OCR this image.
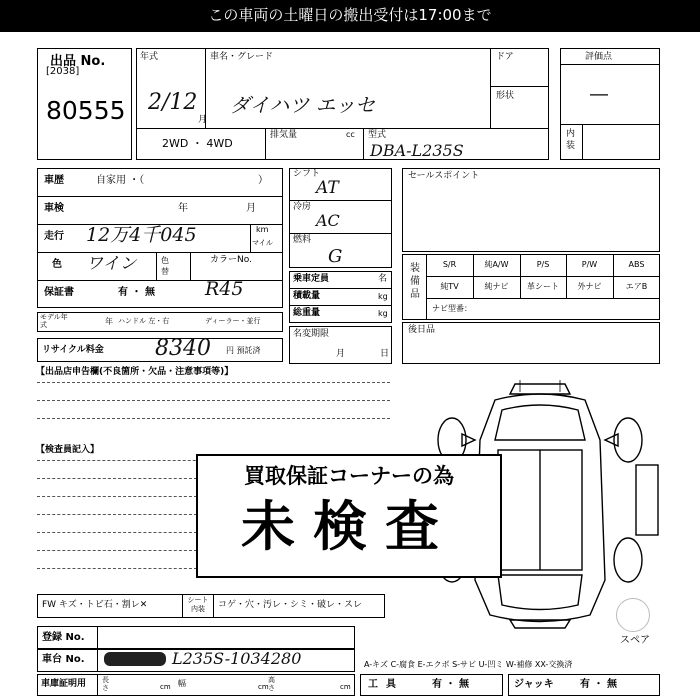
この車両の土曜日の搬出受付は17:00まで
出品 No.
[2038]
80555
年式
2/12
月
車名・グレード
ダイハツ エッセ
ドア
形状
2WD ・ 4WD
排気量	cc 型式
DBA-L235S
評価点
―
内装
車歴	自家用 ・（	）
車検	年	月
走行 12万4千045	km
マイル
色 ワイン	色替
カラーNo.
保証書	有 ・ 無	R45
モデル年式	年 ハンドル 左・右	ディーラー・並行
リサイクル料金 8340 円 預託済
シフト
AT
冷房
AC
燃料
G
乗車定員	名
積載量	kg
総重量	kg
名変期限
月	日
セールスポイント
装備品
S/R	純A/W	P/S	P/W	ABS
純TV	純ナビ	革シート	外ナビ	エアB
ナビ型番：
後日品
【出品店申告欄(不良箇所・欠品・注意事項等)】
【検査員記入】
買取保証コーナーの為
未検査
スペア
FW キズ・トビ石・割レ✕	シート内装	コゲ・穴・汚レ・シミ・破レ・スレ
登録 No.
車台 No.	L235S-1034280	A-キズ C-腐食 E-エクボ S-サビ U-凹ミ W-補修 XX-交換済
車庫証明用 長さ	cm 幅	cm
高さ	cm 工具	有 ・ 無	ジャッキ	有 ・ 無
